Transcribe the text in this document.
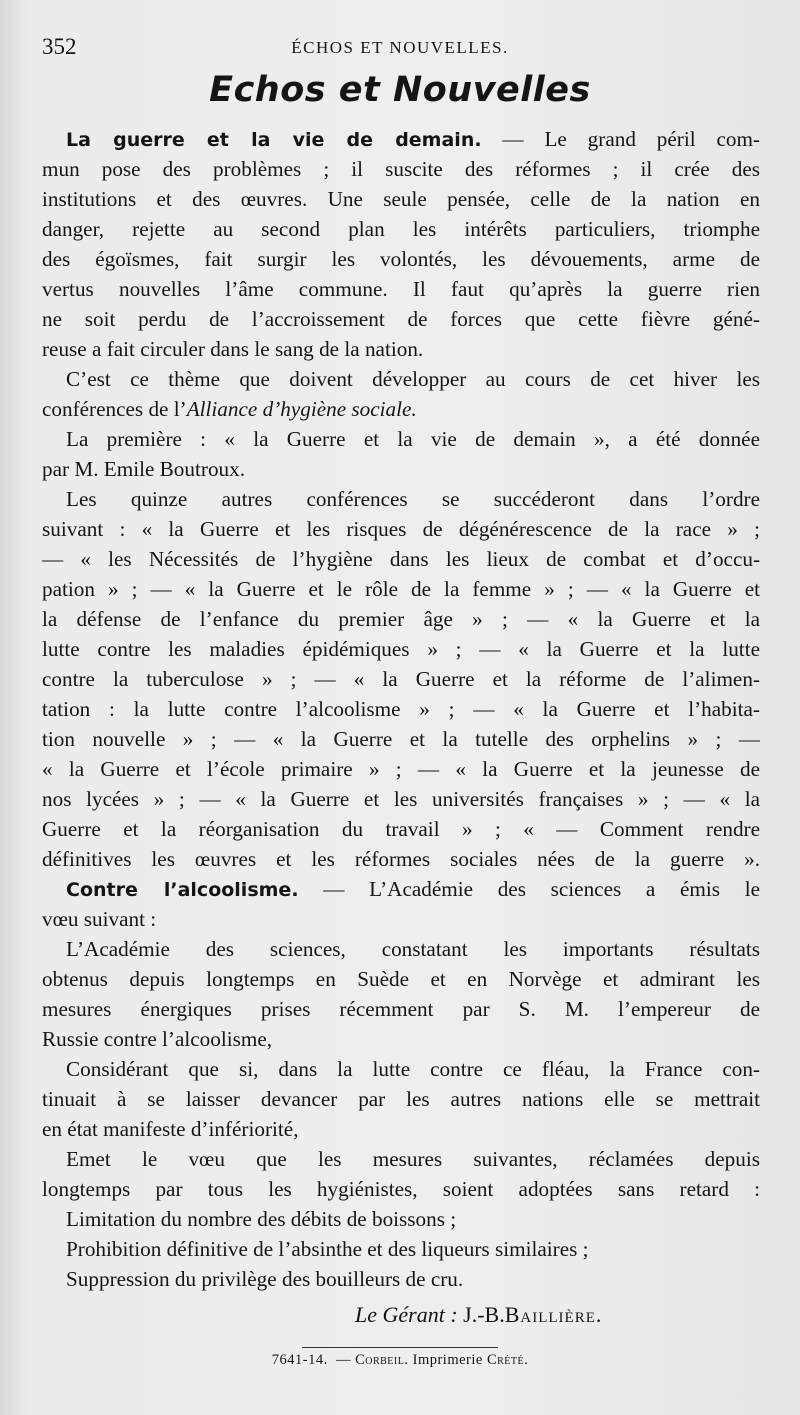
352	ÉCHOS ET NOUVELLES.
Echos et Nouvelles
La guerre et la vie de demain. — Le grand péril com-
mun pose des problèmes ; il suscite des réformes ; il crée des
institutions et des œuvres. Une seule pensée, celle de la nation en
danger, rejette au second plan les intérêts particuliers, triomphe
des égoïsmes, fait surgir les volontés, les dévouements, arme de
vertus nouvelles l’âme commune. Il faut qu’après la guerre rien
ne soit perdu de l’accroissement de forces que cette fièvre géné-
reuse a fait circuler dans le sang de la nation.
C’est ce thème que doivent développer au cours de cet hiver les
conférences de l’Alliance d’hygiène sociale.
La première : « la Guerre et la vie de demain », a été donnée
par M. Emile Boutroux.
Les quinze autres conférences se succéderont dans l’ordre
suivant : « la Guerre et les risques de dégénérescence de la race » ;
— « les Nécessités de l’hygiène dans les lieux de combat et d’occu-
pation » ; — « la Guerre et le rôle de la femme » ; — « la Guerre et
la défense de l’enfance du premier âge » ; — « la Guerre et la
lutte contre les maladies épidémiques » ; — « la Guerre et la lutte
contre la tuberculose » ; — « la Guerre et la réforme de l’alimen-
tation : la lutte contre l’alcoolisme » ; — « la Guerre et l’habita-
tion nouvelle » ; — « la Guerre et la tutelle des orphelins » ; —
« la Guerre et l’école primaire » ; — « la Guerre et la jeunesse de
nos lycées » ; — « la Guerre et les universités françaises » ; — « la
Guerre et la réorganisation du travail » ; « — Comment rendre
définitives les œuvres et les réformes sociales nées de la guerre ».
Contre l’alcoolisme. — L’Académie des sciences a émis le
vœu suivant :
L’Académie des sciences, constatant les importants résultats
obtenus depuis longtemps en Suède et en Norvège et admirant les
mesures énergiques prises récemment par S. M. l’empereur de
Russie contre l’alcoolisme,
Considérant que si, dans la lutte contre ce fléau, la France con-
tinuait à se laisser devancer par les autres nations elle se mettrait
en état manifeste d’infériorité,
Emet le vœu que les mesures suivantes, réclamées depuis
longtemps par tous les hygiénistes, soient adoptées sans retard :
Limitation du nombre des débits de boissons ;
Prohibition définitive de l’absinthe et des liqueurs similaires ;
Suppression du privilège des bouilleurs de cru.
Le Gérant : J.-B.Baillière.
7641-14. — Corbeil. Imprimerie Crété.
